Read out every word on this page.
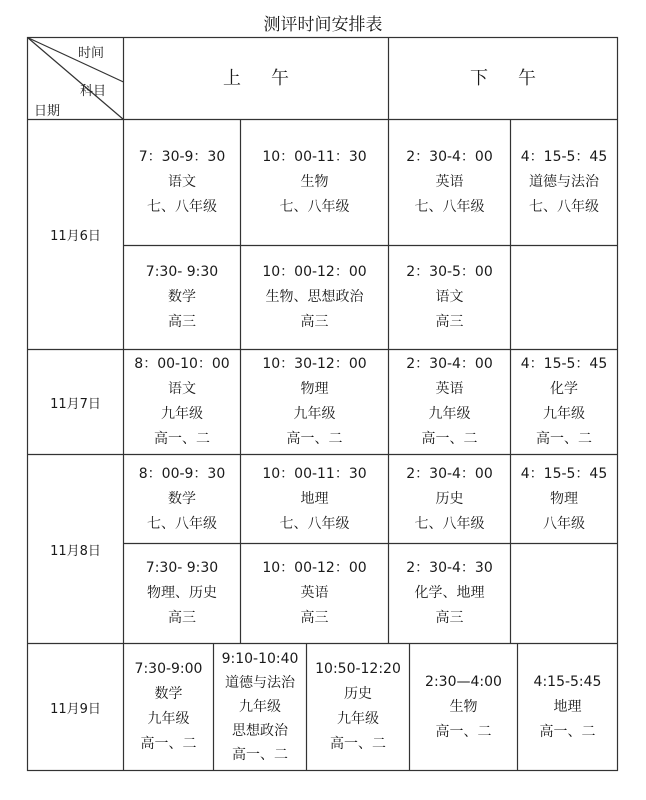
测评时间安排表
时间
科目
日期
上午	下午
11月6日
11月7日
11月8日
11月9日
7：30-9：30
语文
七、八年级
10：00-11：30
生物
七、八年级
2：30-4：00
英语
七、八年级
4：15-5：45
道德与法治
七、八年级
7:30- 9:30
数学
高三
10：00-12：00
生物、思想政治
高三
2：30-5：00
语文
高三
8：00-10：00
语文
九年级
高一、二
10：30-12：00
物理
九年级
高一、二
2：30-4：00
英语
九年级
高一、二
4：15-5：45
化学
九年级
高一、二
8：00-9：30
数学
七、八年级
10：00-11：30
地理
七、八年级
2：30-4：00
历史
七、八年级
4：15-5：45
物理
八年级
7:30- 9:30
物理、历史
高三
10：00-12：00
英语
高三
2：30-4：30
化学、地理
高三
7:30-9:00
数学
九年级
高一、二
9:10-10:40
道德与法治
九年级
思想政治
高一、二
10:50-12:20
历史
九年级
高一、二
2:30—4:00
生物
高一、二
4:15-5:45
地理
高一、二
